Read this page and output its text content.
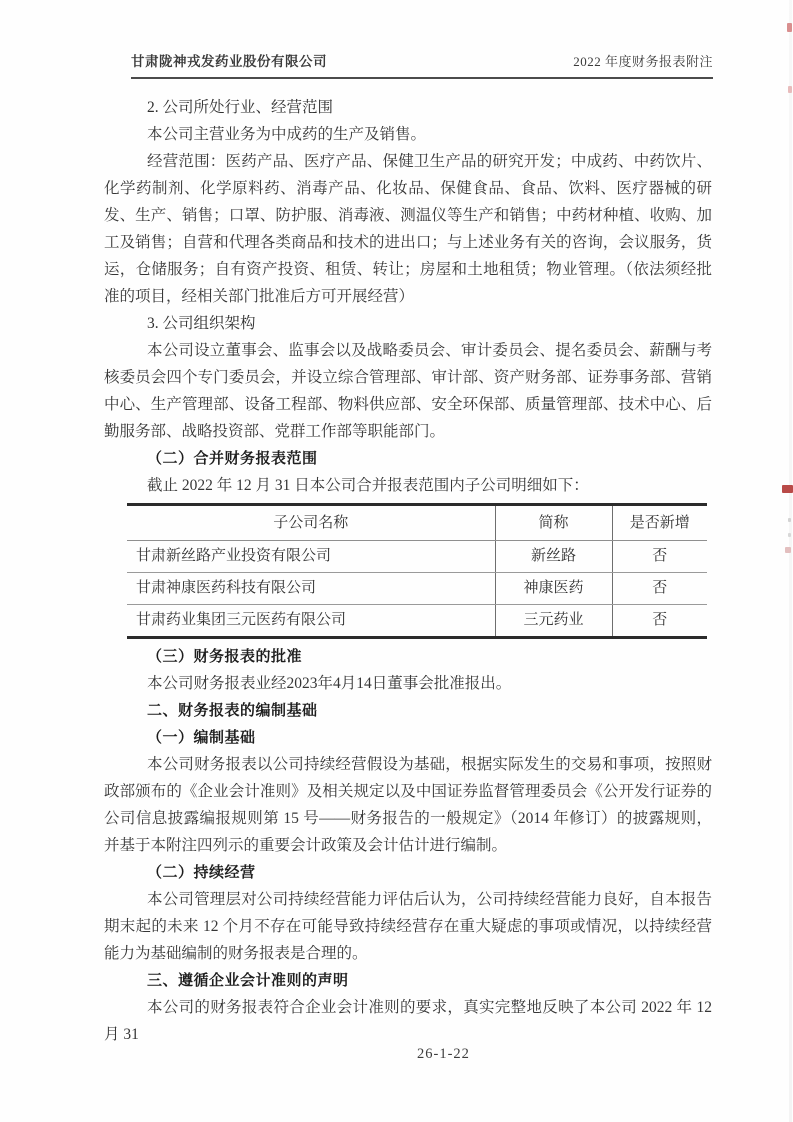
甘肃陇神戎发药业股份有限公司	2022 年度财务报表附注
2. 公司所处行业、经营范围

本公司主营业务为中成药的生产及销售。

经营范围：医药产品、医疗产品、保健卫生产品的研究开发；中成药、中药饮片、化学药制剂、化学原料药、消毒产品、化妆品、保健食品、食品、饮料、医疗器械的研发、生产、销售；口罩、防护服、消毒液、测温仪等生产和销售；中药材种植、收购、加工及销售；自营和代理各类商品和技术的进出口；与上述业务有关的咨询，会议服务，货运，仓储服务；自有资产投资、租赁、转让；房屋和土地租赁；物业管理。（依法须经批准的项目，经相关部门批准后方可开展经营）

3. 公司组织架构

本公司设立董事会、监事会以及战略委员会、审计委员会、提名委员会、薪酬与考核委员会四个专门委员会，并设立综合管理部、审计部、资产财务部、证券事务部、营销中心、生产管理部、设备工程部、物料供应部、安全环保部、质量管理部、技术中心、后勤服务部、战略投资部、党群工作部等职能部门。

（二）合并财务报表范围

截止 2022 年 12 月 31 日本公司合并报表范围内子公司明细如下：

子公司名称	简称	是否新增
甘肃新丝路产业投资有限公司	新丝路	否
甘肃神康医药科技有限公司	神康医药	否
甘肃药业集团三元医药有限公司	三元药业	否
（三）财务报表的批准

本公司财务报表业经2023年4月14日董事会批准报出。

二、财务报表的编制基础
（一）编制基础

本公司财务报表以公司持续经营假设为基础，根据实际发生的交易和事项，按照财政部颁布的《企业会计准则》及相关规定以及中国证券监督管理委员会《公开发行证券的公司信息披露编报规则第 15 号——财务报告的一般规定》（2014 年修订）的披露规则，并基于本附注四列示的重要会计政策及会计估计进行编制。

（二）持续经营

本公司管理层对公司持续经营能力评估后认为，公司持续经营能力良好，自本报告期末起的未来 12 个月不存在可能导致持续经营存在重大疑虑的事项或情况，以持续经营能力为基础编制的财务报表是合理的。

三、遵循企业会计准则的声明

本公司的财务报表符合企业会计准则的要求，真实完整地反映了本公司 2022 年 12 月 31

26-1-22
